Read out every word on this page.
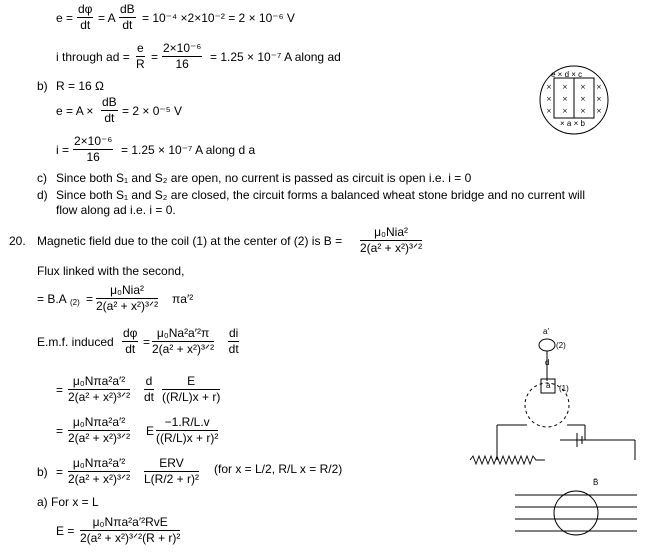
$e = \frac{d\varphi}{dt} = A \frac{dB}{dt} = 10^{-4} \times 2\times 10^{-2} = 2 \times 10^{-6}$ V
i through ad = $\frac{e}{R} = \frac{\text{2×10⁻⁶}}{16} = 1.25 \times 10^{-7}$ A along ad
b) R = 16 Ω
$e = A \times \frac{dB}{dt} = 2 \times 0^{-5}$ V
$i = \frac{\text{2×10⁻⁶}}{16} = 1.25 \times 10^{-7}$ A along d a
c) Since both S₁ and S₂ are open, no current is passed as circuit is open i.e. i = 0
d) Since both S₁ and S₂ are closed, the circuit forms a balanced wheat stone bridge and no current will
flow along ad i.e. i = 0.
20. Magnetic field due to the coil (1) at the center of (2) is B =
μ₀Nia²
2(a² + x²)³ᐟ²
Flux linked with the second,
= B.A (2) =
μ₀Nia²
2(a² + x²)³ᐟ² πa′²
E.m.f. induced $\frac{d\varphi}{dt}$ =
μ₀Na²a′²π
2(a² + x²)³ᐟ² $\frac{di}{dt}$
=
μ₀Nπa²a′²
2(a² + x²)³ᐟ² $\frac{d}{dt} \frac{E}{((R/L)x + r)}$
=
μ₀Nπa²a′²
2(a² + x²)³ᐟ² E $\frac{-1.R/L.v}{\text{((R/L)x + r)²}}$
b) =
μ₀Nπa²a′²
2(a² + x²)³ᐟ²
ERV
L(R/2 + r)²
(for x = L/2, R/L x = R/2)
a) For x = L
E =
μ₀Nπa²a′²RvE
2(a² + x²)³ᐟ²(R + r)²
e × d × c
× a × b
× × × ×
× × × ×
× × × ×
a′
(2)
d
a (1)
B̄
